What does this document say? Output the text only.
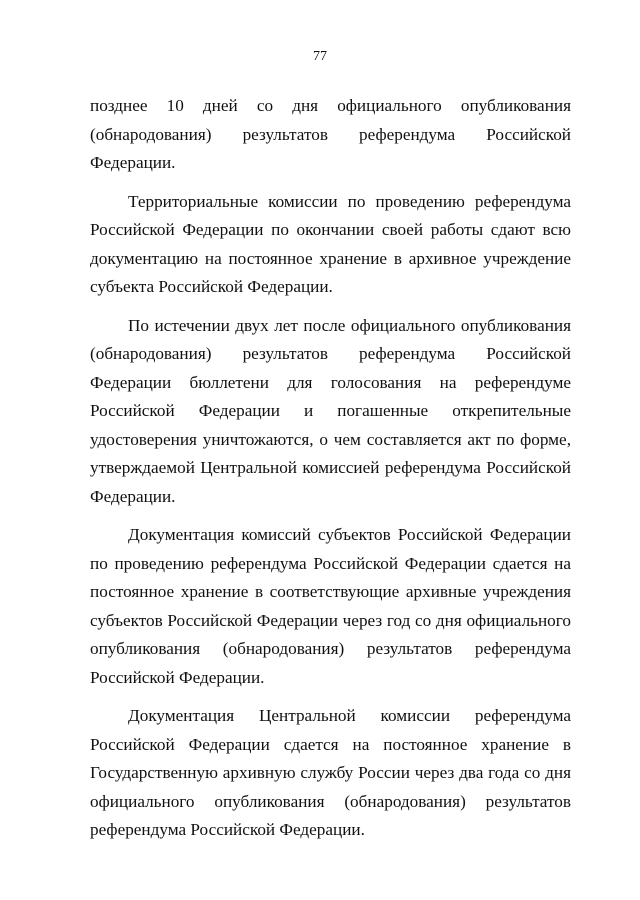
77

позднее 10 дней со дня официального опубликования (обнародования) результатов референдума Российской Федерации.

Территориальные комиссии по проведению референдума Российской Федерации по окончании своей работы сдают всю документацию на постоянное хранение в архивное учреждение субъекта Российской Федерации.

По истечении двух лет после официального опубликования (обнародования) результатов референдума Российской Федерации бюллетени для голосования на референдуме Российской Федерации и погашенные открепительные удостоверения уничтожаются, о чем составляется акт по форме, утверждаемой Центральной комиссией референдума Российской Федерации.

Документация комиссий субъектов Российской Федерации по проведению референдума Российской Федерации сдается на постоянное хранение в соответствующие архивные учреждения субъектов Российской Федерации через год со дня официального опубликования (обнародования) результатов референдума Российской Федерации.

Документация Центральной комиссии референдума Российской Федерации сдается на постоянное хранение в Государственную архивную службу России через два года со дня официального опубликования (обнародования) результатов референдума Российской Федерации.
